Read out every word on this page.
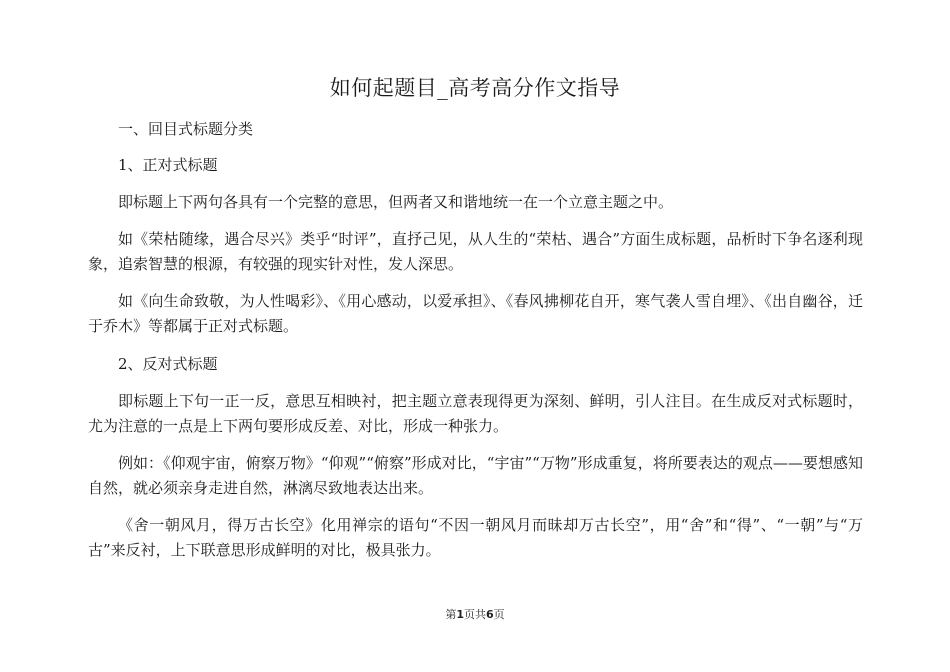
如何起题目_高考高分作文指导

一、回目式标题分类

1、正对式标题

即标题上下两句各具有一个完整的意思，但两者又和谐地统一在一个立意主题之中。

如《荣枯随缘，遇合尽兴》类乎“时评”，直抒己见，从人生的“荣枯、遇合”方面生成标题，品析时下争名逐利现象，追索智慧的根源，有较强的现实针对性，发人深思。

如《向生命致敬，为人性喝彩》、《用心感动，以爱承担》、《春风拂柳花自开，寒气袭人雪自埋》、《出自幽谷，迁于乔木》等都属于正对式标题。

2、反对式标题

即标题上下句一正一反，意思互相映衬，把主题立意表现得更为深刻、鲜明，引人注目。在生成反对式标题时，尤为注意的一点是上下两句要形成反差、对比，形成一种张力。

例如：《仰观宇宙，俯察万物》“仰观”“俯察”形成对比，“宇宙”“万物”形成重复，将所要表达的观点——要想感知自然，就必须亲身走进自然，淋漓尽致地表达出来。

《舍一朝风月，得万古长空》化用禅宗的语句“不因一朝风月而昧却万古长空”，用“舍”和“得”、“一朝”与“万古”来反衬，上下联意思形成鲜明的对比，极具张力。

第1页共6页
